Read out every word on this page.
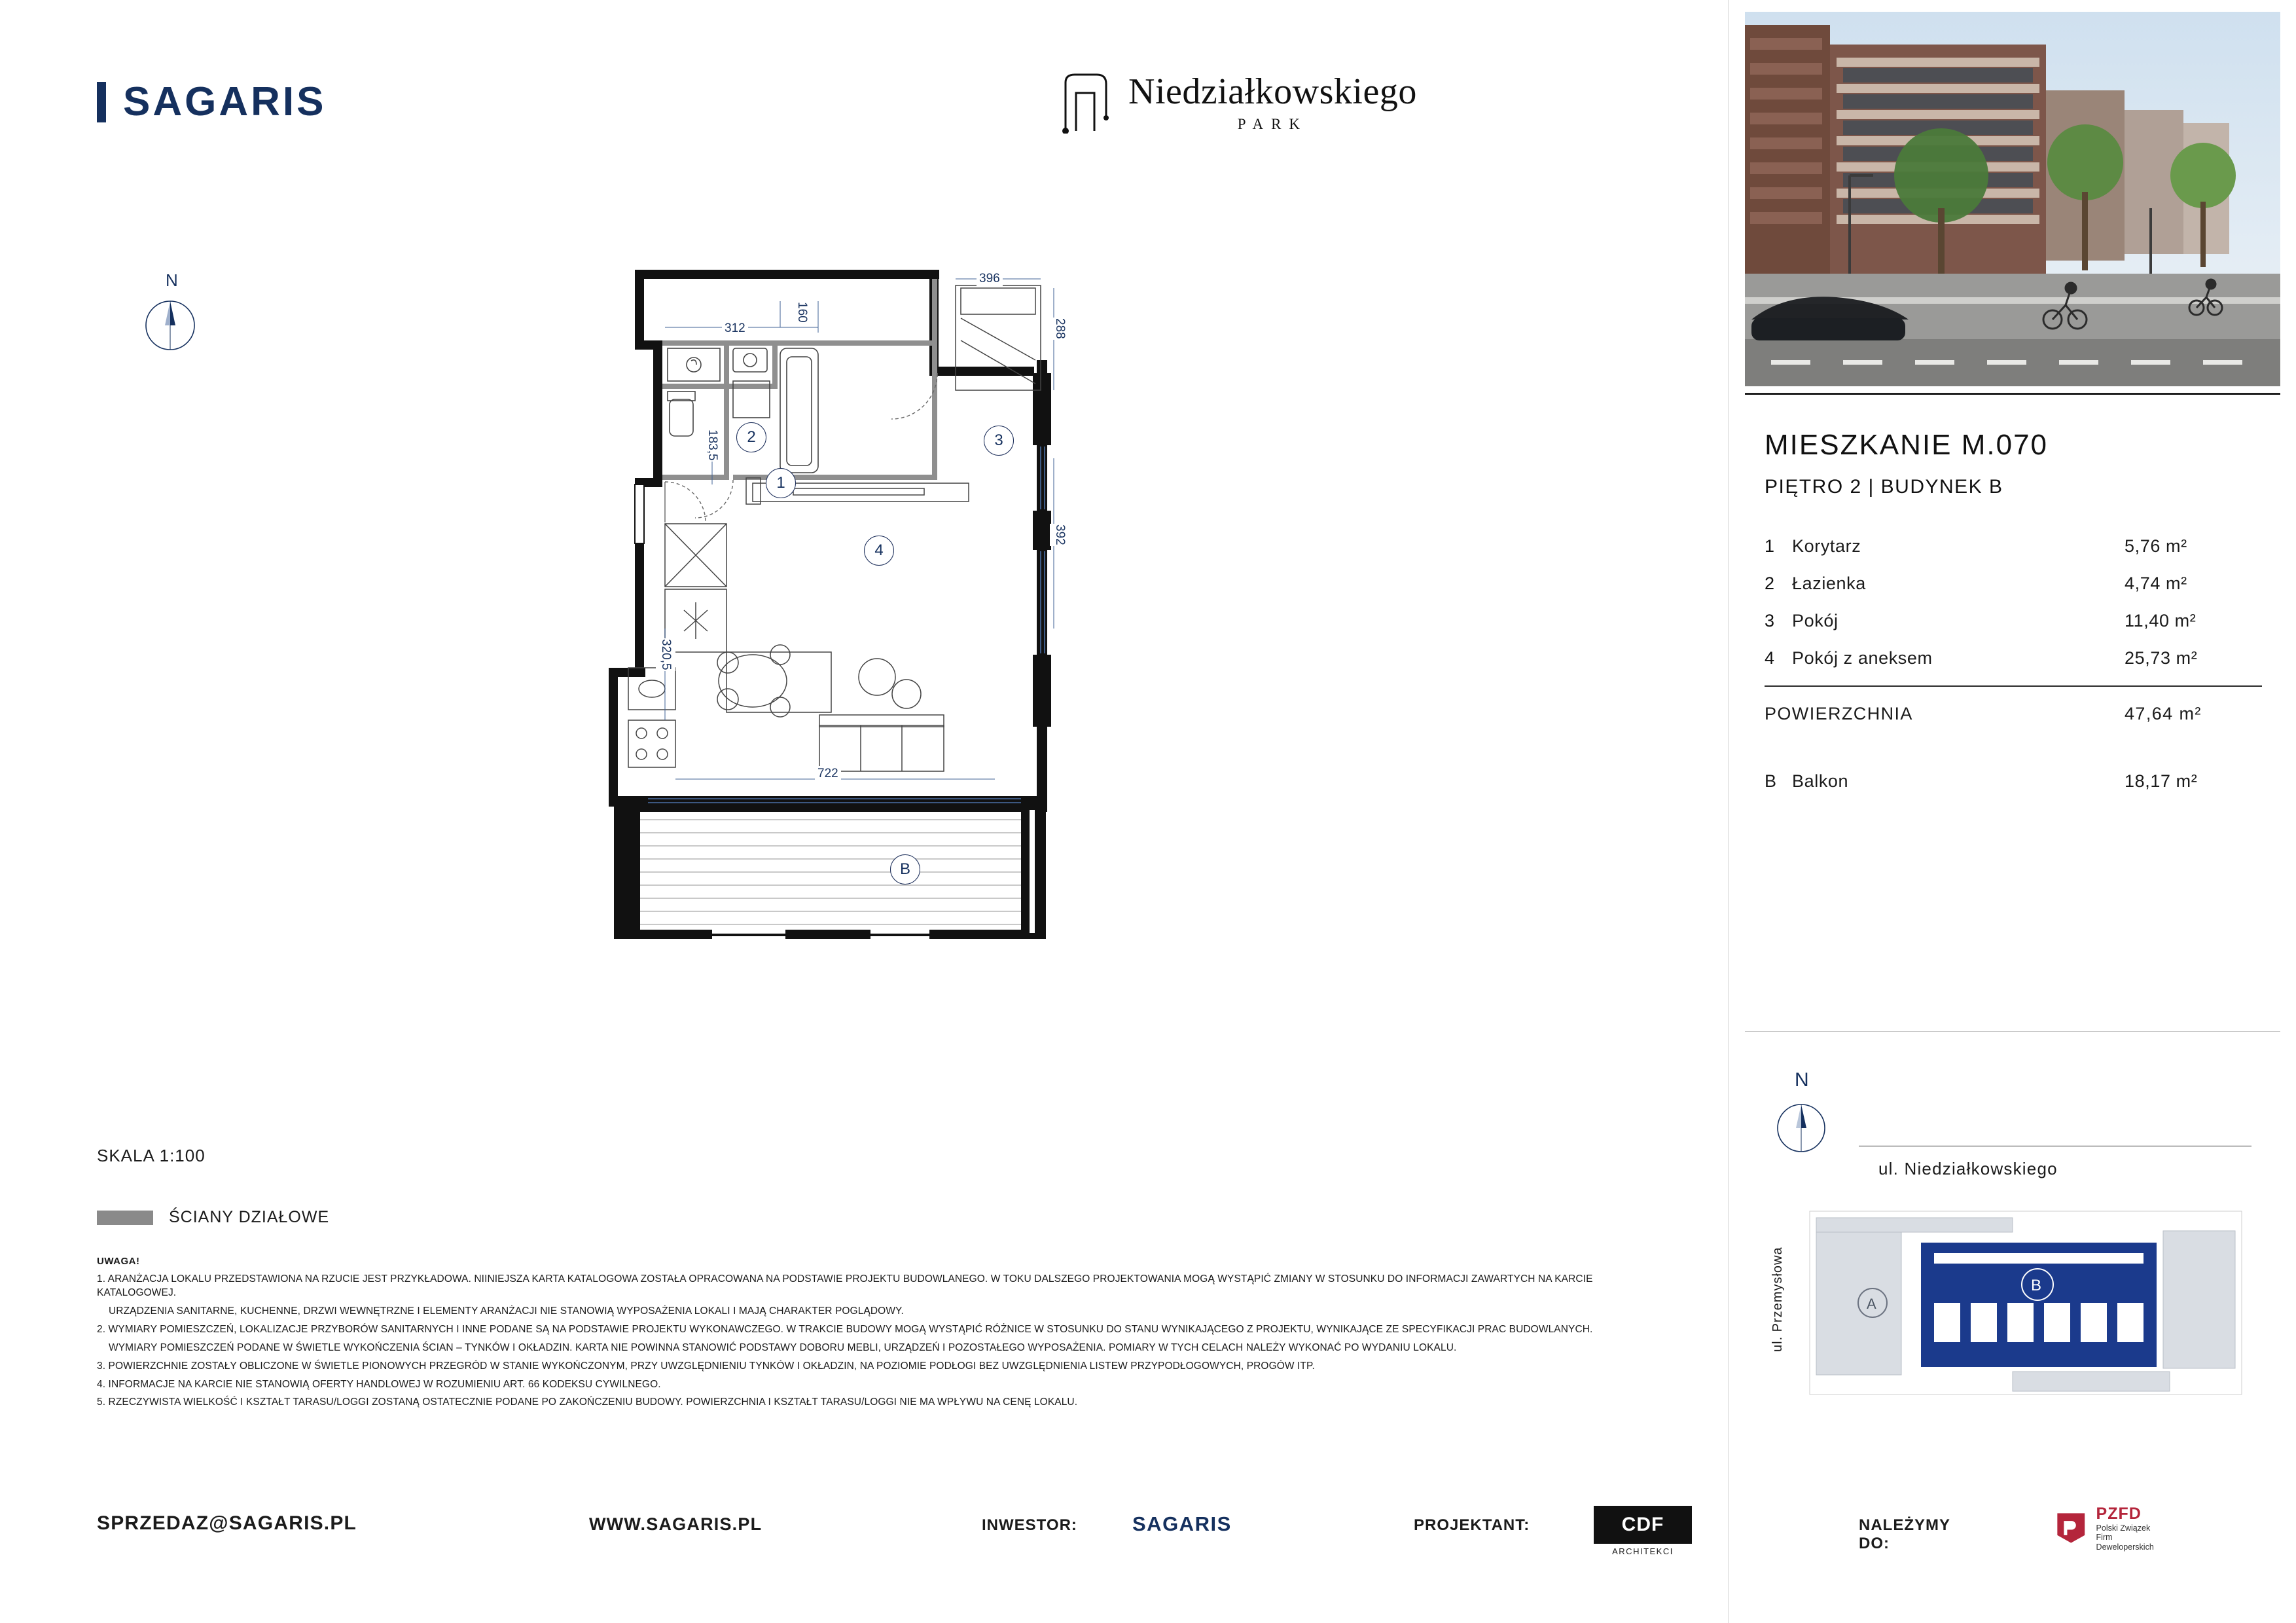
SAGARIS	Niedziałkowskiego
PARK
N
2
1
3
4
B
312
160
396
288
183,5
392
320,5
722
SKALA 1:100
ŚCIANY DZIAŁOWE
UWAGA!

1. ARANŻACJA LOKALU PRZEDSTAWIONA NA RZUCIE JEST PRZYKŁADOWA. NIINIEJSZA KARTA KATALOGOWA ZOSTAŁA OPRACOWANA NA PODSTAWIE PROJEKTU BUDOWLANEGO. W TOKU DALSZEGO PROJEKTOWANIA MOGĄ WYSTĄPIĆ ZMIANY W STOSUNKU DO INFORMACJI ZAWARTYCH NA KARCIE KATALOGOWEJ.

URZĄDZENIA SANITARNE, KUCHENNE, DRZWI WEWNĘTRZNE I ELEMENTY ARANŻACJI NIE STANOWIĄ WYPOSAŻENIA LOKALI I MAJĄ CHARAKTER POGLĄDOWY.

2. WYMIARY POMIESZCZEŃ, LOKALIZACJE PRZYBORÓW SANITARNYCH I INNE PODANE SĄ NA PODSTAWIE PROJEKTU WYKONAWCZEGO. W TRAKCIE BUDOWY MOGĄ WYSTĄPIĆ RÓŻNICE W STOSUNKU DO STANU WYNIKAJĄCEGO Z PROJEKTU, WYNIKAJĄCE ZE SPECYFIKACJI PRAC BUDOWLANYCH.

WYMIARY POMIESZCZEŃ PODANE W ŚWIETLE WYKOŃCZENIA ŚCIAN – TYNKÓW I OKŁADZIN. KARTA NIE POWINNA STANOWIĆ PODSTAWY DOBORU MEBLI, URZĄDZEŃ I POZOSTAŁEGO WYPOSAŻENIA. POMIARY W TYCH CELACH NALEŻY WYKONAĆ PO WYDANIU LOKALU.

3. POWIERZCHNIE ZOSTAŁY OBLICZONE W ŚWIETLE PIONOWYCH PRZEGRÓD W STANIE WYKOŃCZONYM, PRZY UWZGLĘDNIENIU TYNKÓW I OKŁADZIN, NA POZIOMIE PODŁOGI BEZ UWZGLĘDNIENIA LISTEW PRZYPODŁOGOWYCH, PROGÓW ITP.

4. INFORMACJE NA KARCIE NIE STANOWIĄ OFERTY HANDLOWEJ W ROZUMIENIU ART. 66 KODEKSU CYWILNEGO.

5. RZECZYWISTA WIELKOŚĆ I KSZTAŁT TARASU/LOGGI ZOSTANĄ OSTATECZNIE PODANE PO ZAKOŃCZENIU BUDOWY. POWIERZCHNIA I KSZTAŁT TARASU/LOGGI NIE MA WPŁYWU NA CENĘ LOKALU.

SPRZEDAZ@SAGARIS.PL	WWW.SAGARIS.PL	INWESTOR:	SAGARIS	PROJEKTANT:	CDF
ARCHITEKCI
NALEŻYMY DO:
PZFD
Polski Związek
Firm Deweloperskich
MIESZKANIE M.070
PIĘTRO 2 | BUDYNEK B
1 Korytarz	5,76 m²
2 Łazienka	4,74 m²
3 Pokój	11,40 m²
4 Pokój z aneksem	25,73 m²
POWIERZCHNIA	47,64 m²
B Balkon	18,17 m²
N
ul. Niedziałkowskiego
ul. Przemysłowa	A
B
